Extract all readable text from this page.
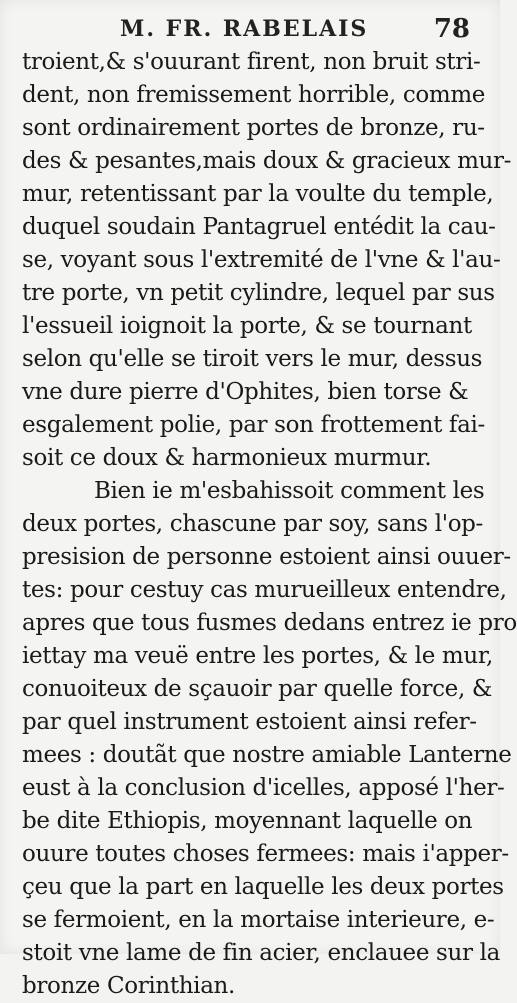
M. FR. RABELAIS	78
troient,& s'ouurant firent, non bruit stri-
dent, non fremissement horrible, comme
sont ordinairement portes de bronze, ru-
des & pesantes,mais doux & gracieux mur-
mur, retentissant par la voulte du temple,
duquel soudain Pantagruel entédit la cau-
se, voyant sous l'extremité de l'vne & l'au-
tre porte, vn petit cylindre, lequel par sus
l'essueil ioignoit la porte, & se tournant
selon qu'elle se tiroit vers le mur, dessus
vne dure pierre d'Ophites, bien torse &
esgalement polie, par son frottement fai-
soit ce doux & harmonieux murmur.
Bien ie m'esbahissoit comment les
deux portes, chascune par soy, sans l'op-
presision de personne estoient ainsi ouuer-
tes: pour cestuy cas murueilleux entendre,
apres que tous fusmes dedans entrez ie pro
iettay ma veuë entre les portes, & le mur,
conuoiteux de sçauoir par quelle force, &
par quel instrument estoient ainsi refer-
mees : doutãt que nostre amiable Lanterne
eust à la conclusion d'icelles, apposé l'her-
be dite Ethiopis, moyennant laquelle on
ouure toutes choses fermees: mais i'apper-
çeu que la part en laquelle les deux portes
se fermoient, en la mortaise interieure, e-
stoit vne lame de fin acier, enclauee sur la
bronze Corinthian.
